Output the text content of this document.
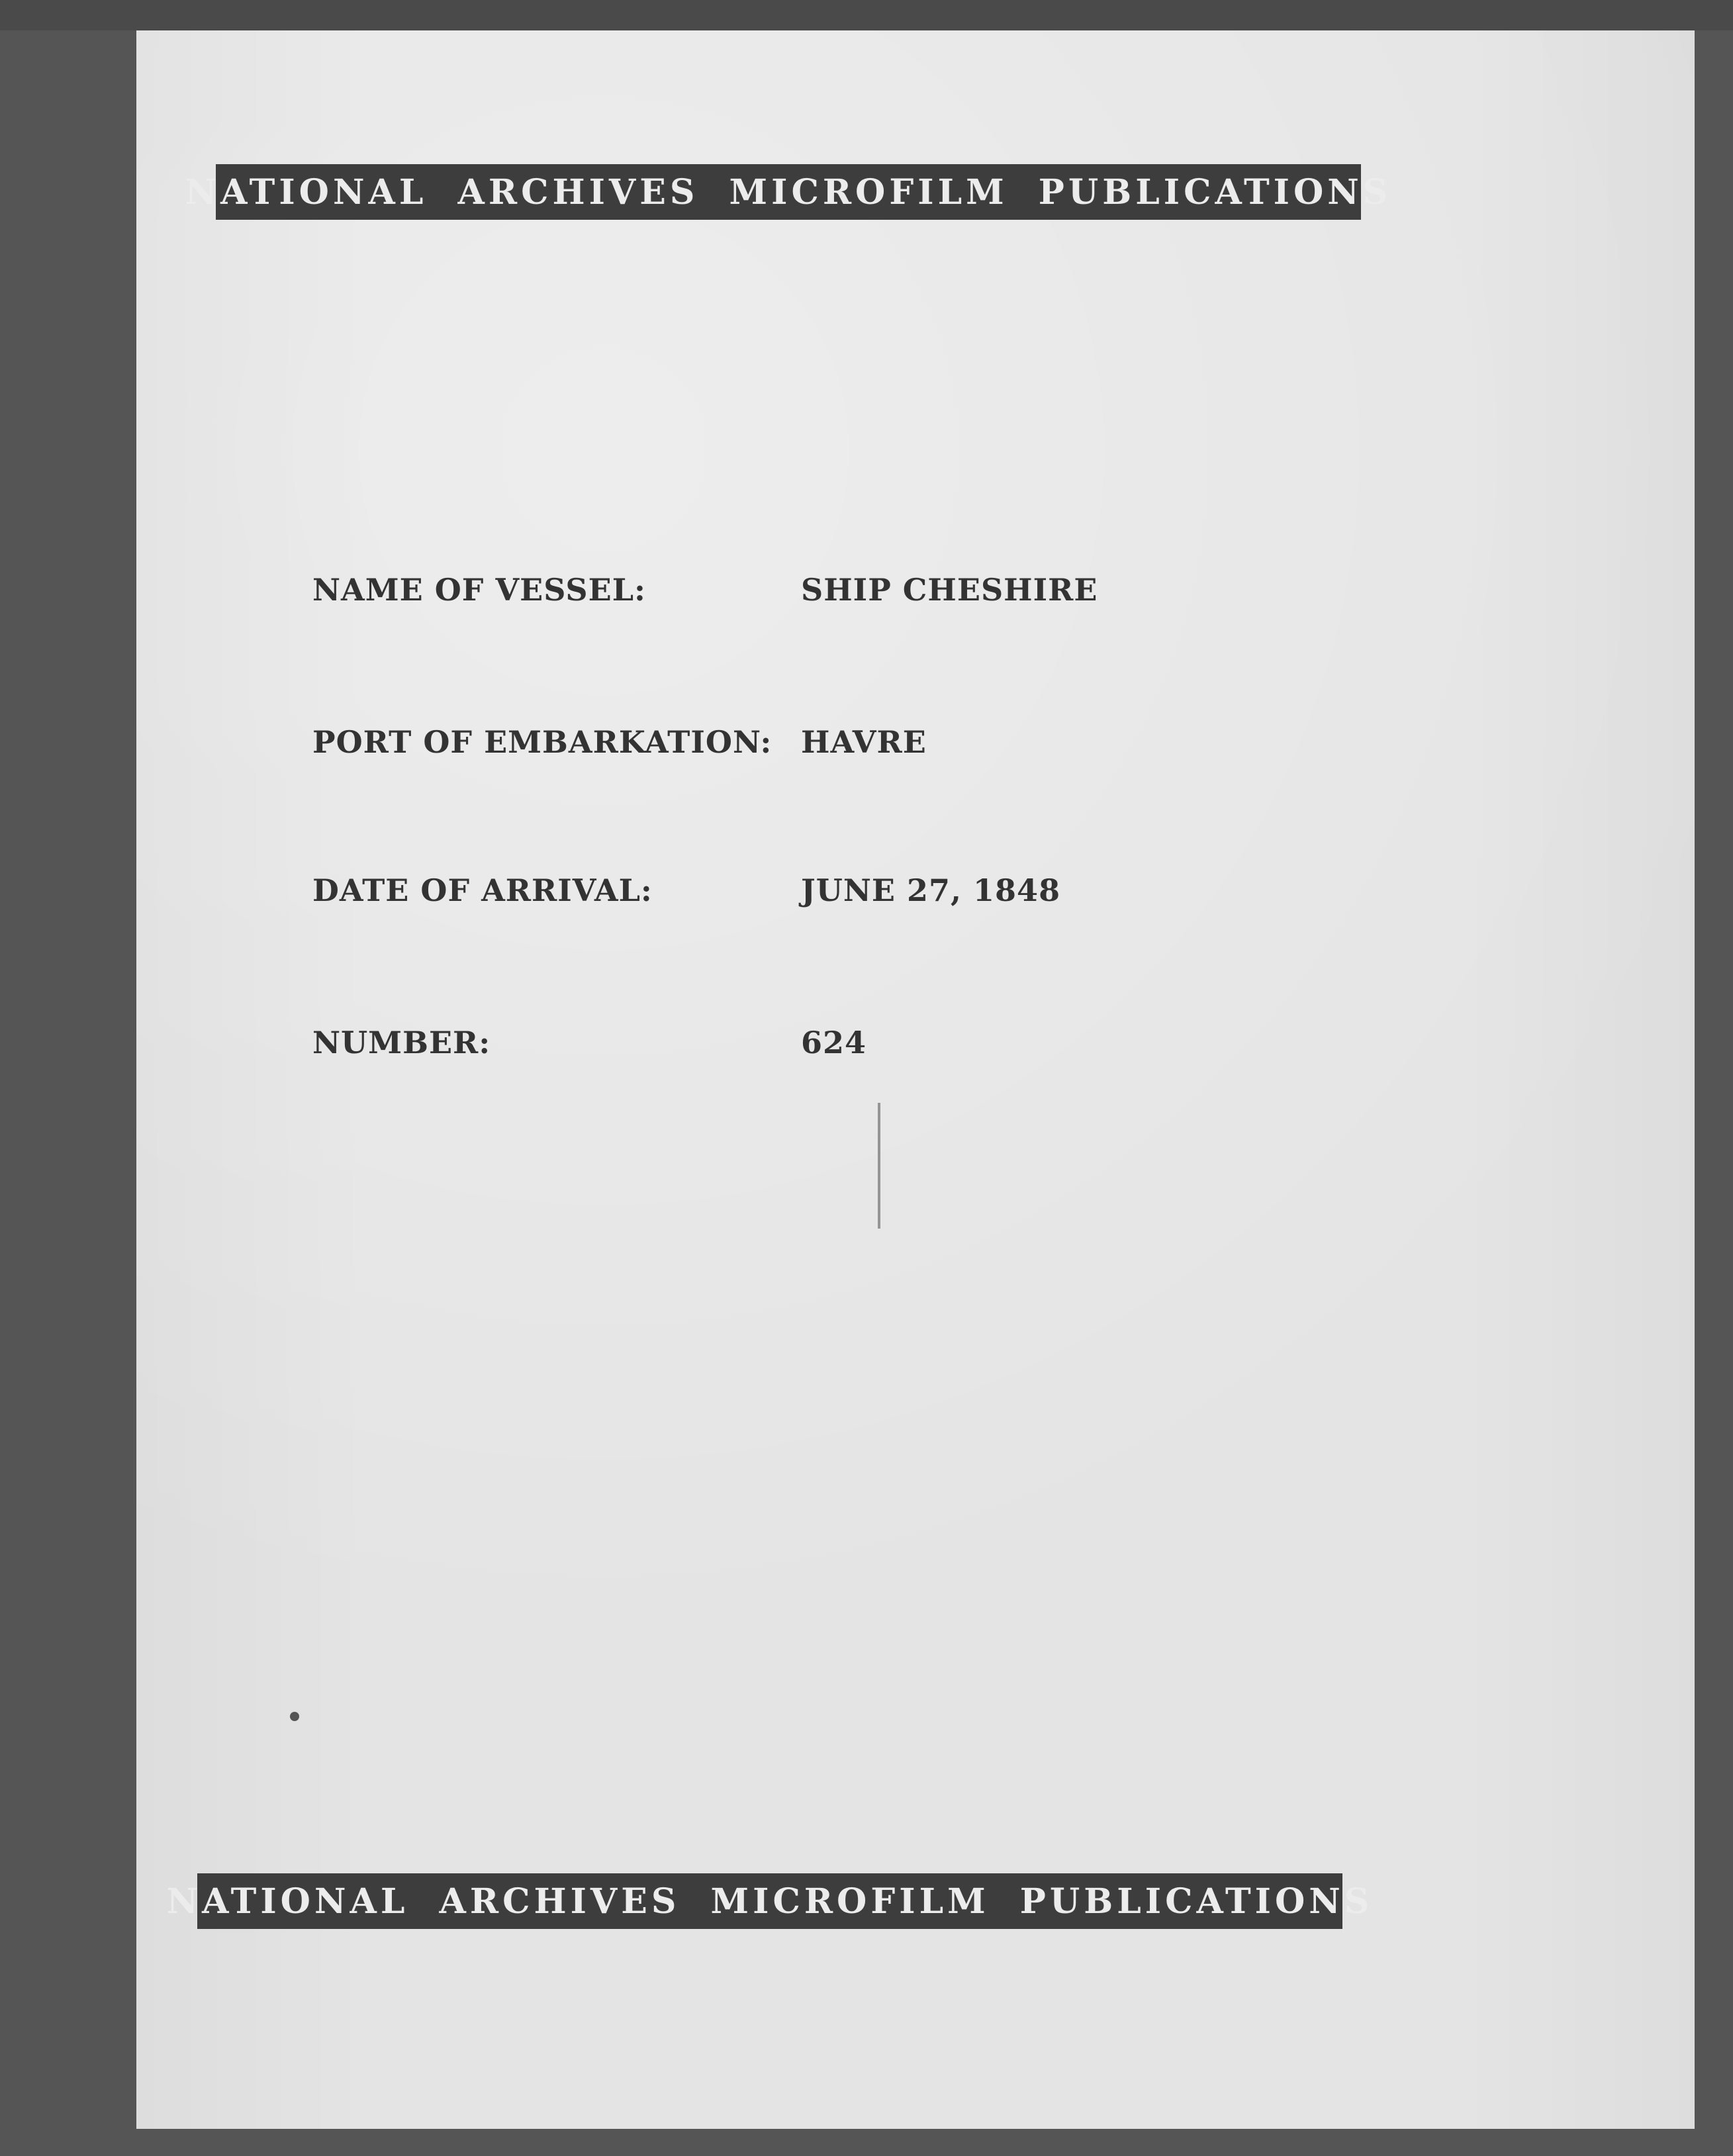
NATIONAL ARCHIVES MICROFILM PUBLICATIONS
NAME OF VESSEL:	SHIP CHESHIRE
PORT OF EMBARKATION: HAVRE
DATE OF ARRIVAL:	JUNE 27, 1848
NUMBER:	624
NATIONAL ARCHIVES MICROFILM PUBLICATIONS
